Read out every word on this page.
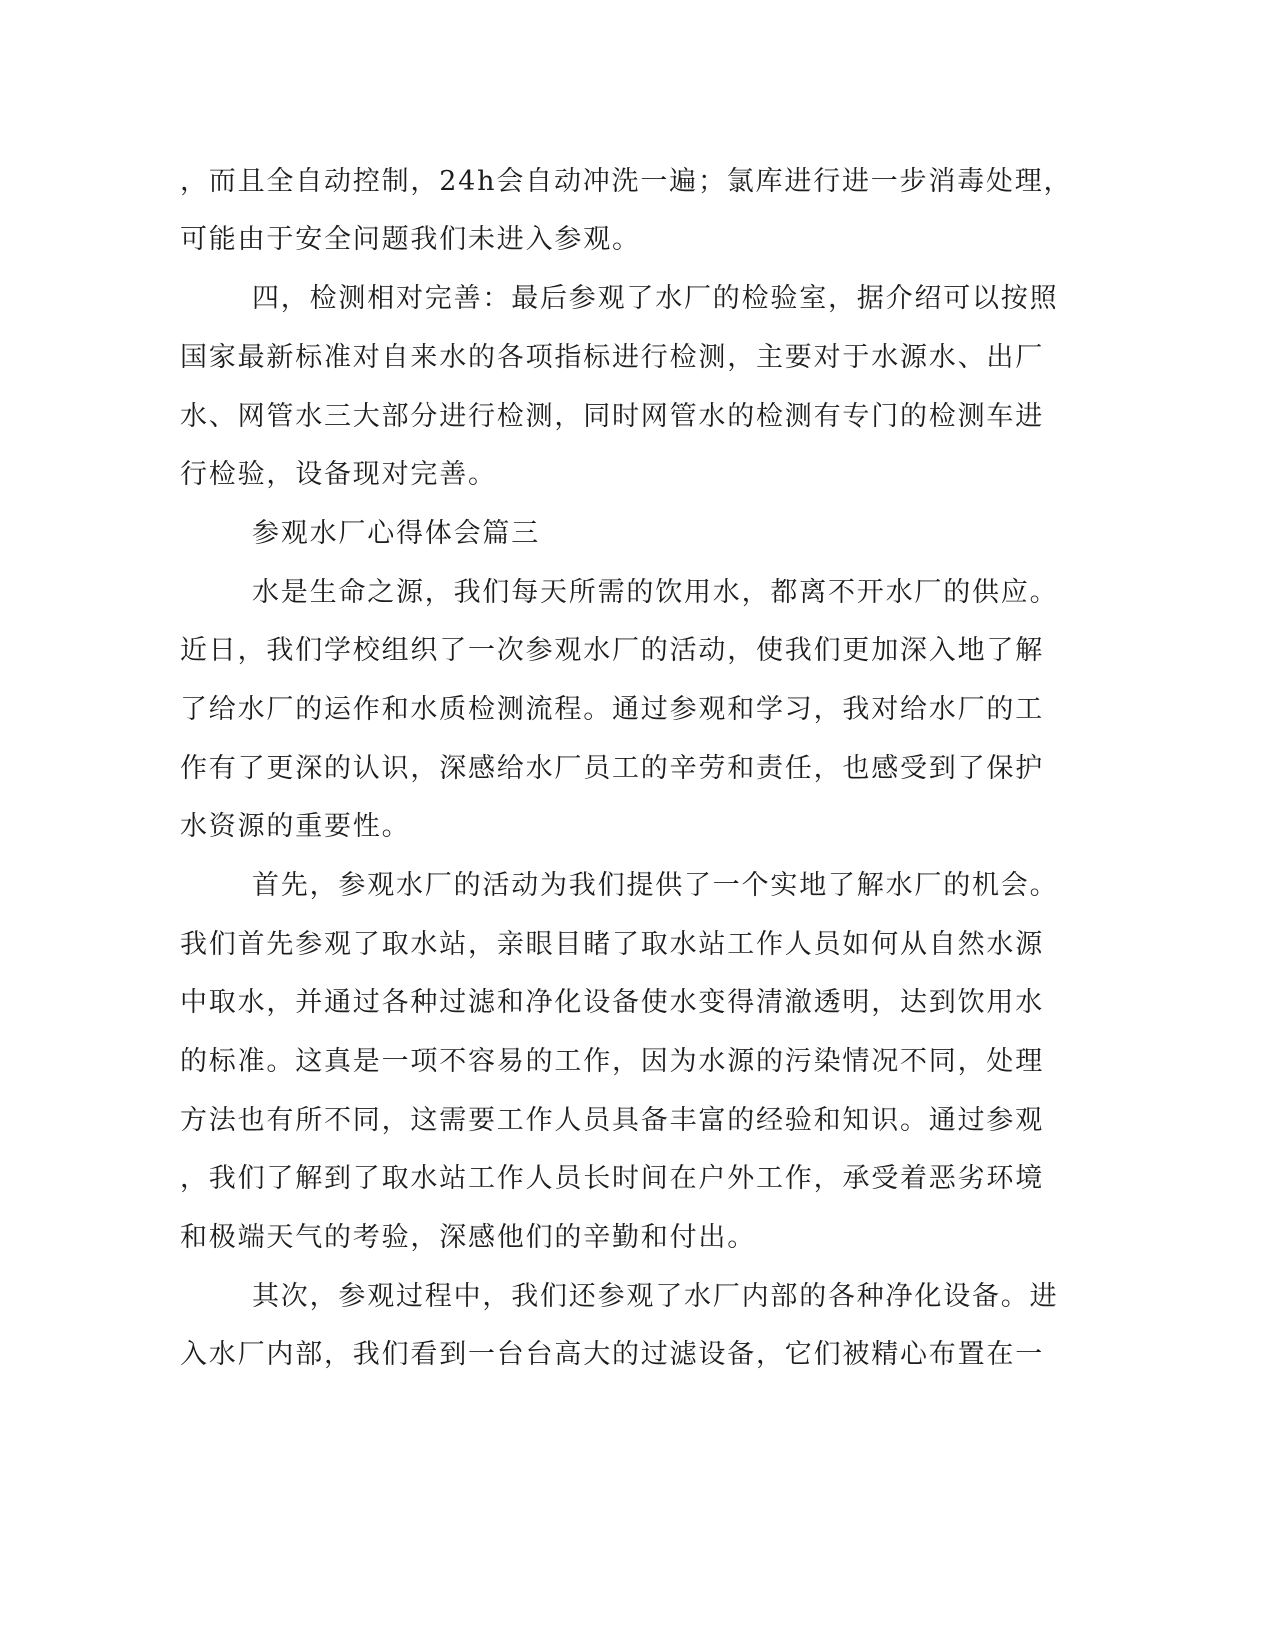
，而且全自动控制，24h会自动冲洗一遍；氯库进行进一步消毒处理，
可能由于安全问题我们未进入参观。
四，检测相对完善：最后参观了水厂的检验室，据介绍可以按照
国家最新标准对自来水的各项指标进行检测，主要对于水源水、出厂
水、网管水三大部分进行检测，同时网管水的检测有专门的检测车进
行检验，设备现对完善。
参观水厂心得体会篇三
水是生命之源，我们每天所需的饮用水，都离不开水厂的供应。
近日，我们学校组织了一次参观水厂的活动，使我们更加深入地了解
了给水厂的运作和水质检测流程。通过参观和学习，我对给水厂的工
作有了更深的认识，深感给水厂员工的辛劳和责任，也感受到了保护
水资源的重要性。
首先，参观水厂的活动为我们提供了一个实地了解水厂的机会。
我们首先参观了取水站，亲眼目睹了取水站工作人员如何从自然水源
中取水，并通过各种过滤和净化设备使水变得清澈透明，达到饮用水
的标准。这真是一项不容易的工作，因为水源的污染情况不同，处理
方法也有所不同，这需要工作人员具备丰富的经验和知识。通过参观
，我们了解到了取水站工作人员长时间在户外工作，承受着恶劣环境
和极端天气的考验，深感他们的辛勤和付出。
其次，参观过程中，我们还参观了水厂内部的各种净化设备。进
入水厂内部，我们看到一台台高大的过滤设备，它们被精心布置在一
